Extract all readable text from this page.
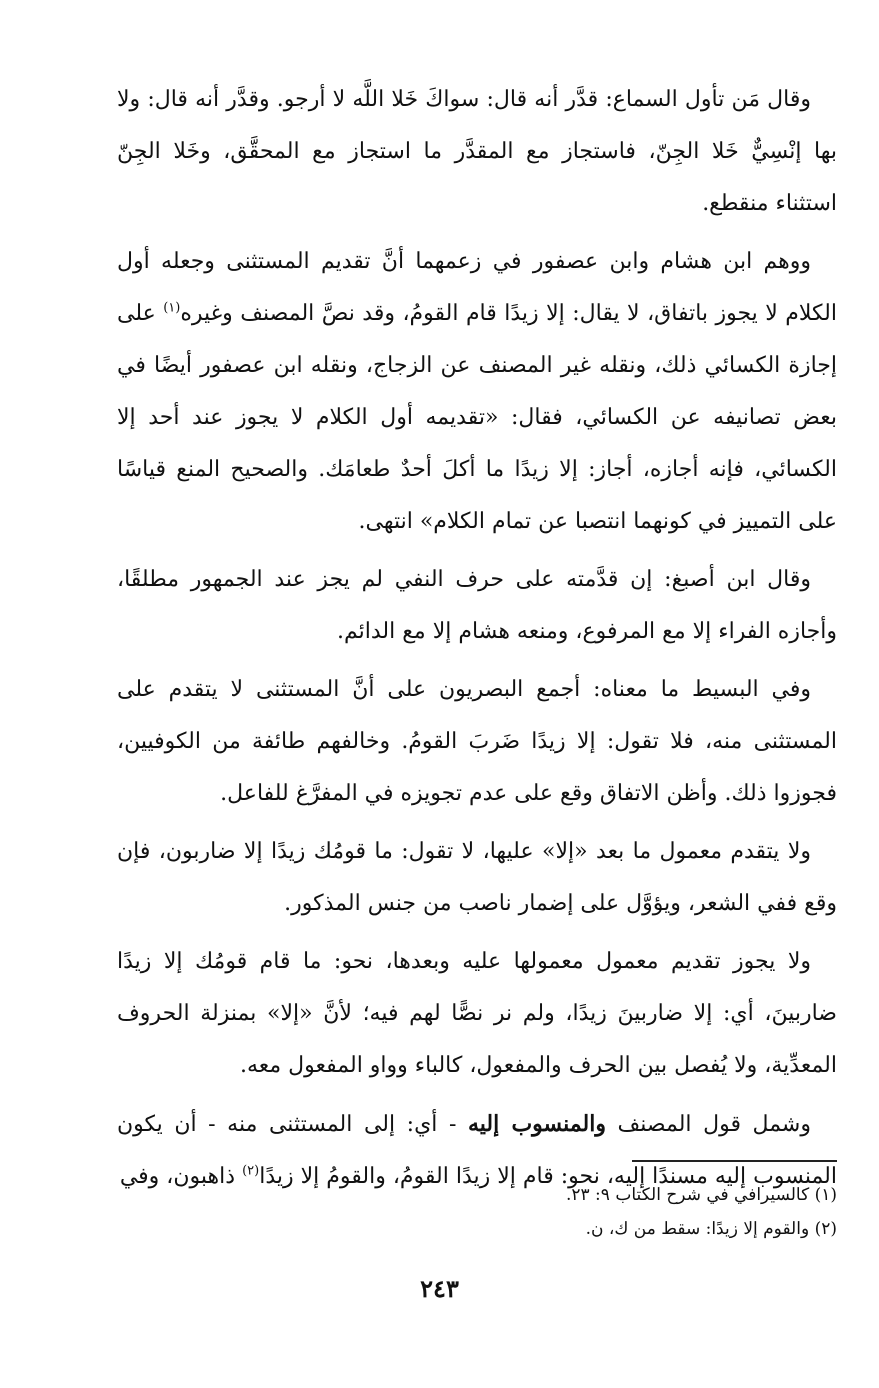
وقال مَن تأول السماع: قدَّر أنه قال: سواكَ خَلا اللَّه لا أرجو. وقدَّر أنه قال: ولا بها إنْسِيٌّ خَلا الجِنّ، فاستجاز مع المقدَّر ما استجاز مع المحقَّق، وخَلا الجِنّ استثناء منقطع.

ووهم ابن هشام وابن عصفور في زعمهما أنَّ تقديم المستثنى وجعله أول الكلام لا يجوز باتفاق، لا يقال: إلا زيدًا قام القومُ، وقد نصَّ المصنف وغيره$^{(١)}$ على إجازة الكسائي ذلك، ونقله غير المصنف عن الزجاج، ونقله ابن عصفور أيضًا في بعض تصانيفه عن الكسائي، فقال: «تقديمه أول الكلام لا يجوز عند أحد إلا الكسائي، فإنه أجازه، أجاز: إلا زيدًا ما أكلَ أحدٌ طعامَك. والصحيح المنع قياسًا على التمييز في كونهما انتصبا عن تمام الكلام» انتهى.

وقال ابن أصبغ: إن قدَّمته على حرف النفي لم يجز عند الجمهور مطلقًا، وأجازه الفراء إلا مع المرفوع، ومنعه هشام إلا مع الدائم.

وفي البسيط ما معناه: أجمع البصريون على أنَّ المستثنى لا يتقدم على المستثنى منه، فلا تقول: إلا زيدًا ضَربَ القومُ. وخالفهم طائفة من الكوفيين، فجوزوا ذلك. وأظن الاتفاق وقع على عدم تجويزه في المفرَّغ للفاعل.

ولا يتقدم معمول ما بعد «إلا» عليها، لا تقول: ما قومُك زيدًا إلا ضاربون، فإن وقع ففي الشعر، ويؤوَّل على إضمار ناصب من جنس المذكور.

ولا يجوز تقديم معمول معمولها عليه وبعدها، نحو: ما قام قومُك إلا زيدًا ضاربينَ، أي: إلا ضاربينَ زيدًا، ولم نر نصًّا لهم فيه؛ لأنَّ «إلا» بمنزلة الحروف المعدِّية، ولا يُفصل بين الحرف والمفعول، كالباء وواو المفعول معه.

وشمل قول المصنف والمنسوب إليه - أي: إلى المستثنى منه - أن يكون المنسوب إليه مسندًا إليه، نحو: قام إلا زيدًا القومُ، والقومُ إلا زيدًا$^{(٢)}$ ذاهبون، وفي

(١) كالسيرافي في شرح الكتاب ٩: ٢٣.

(٢) والقوم إلا زيدًا: سقط من ك، ن.

٢٤٣
